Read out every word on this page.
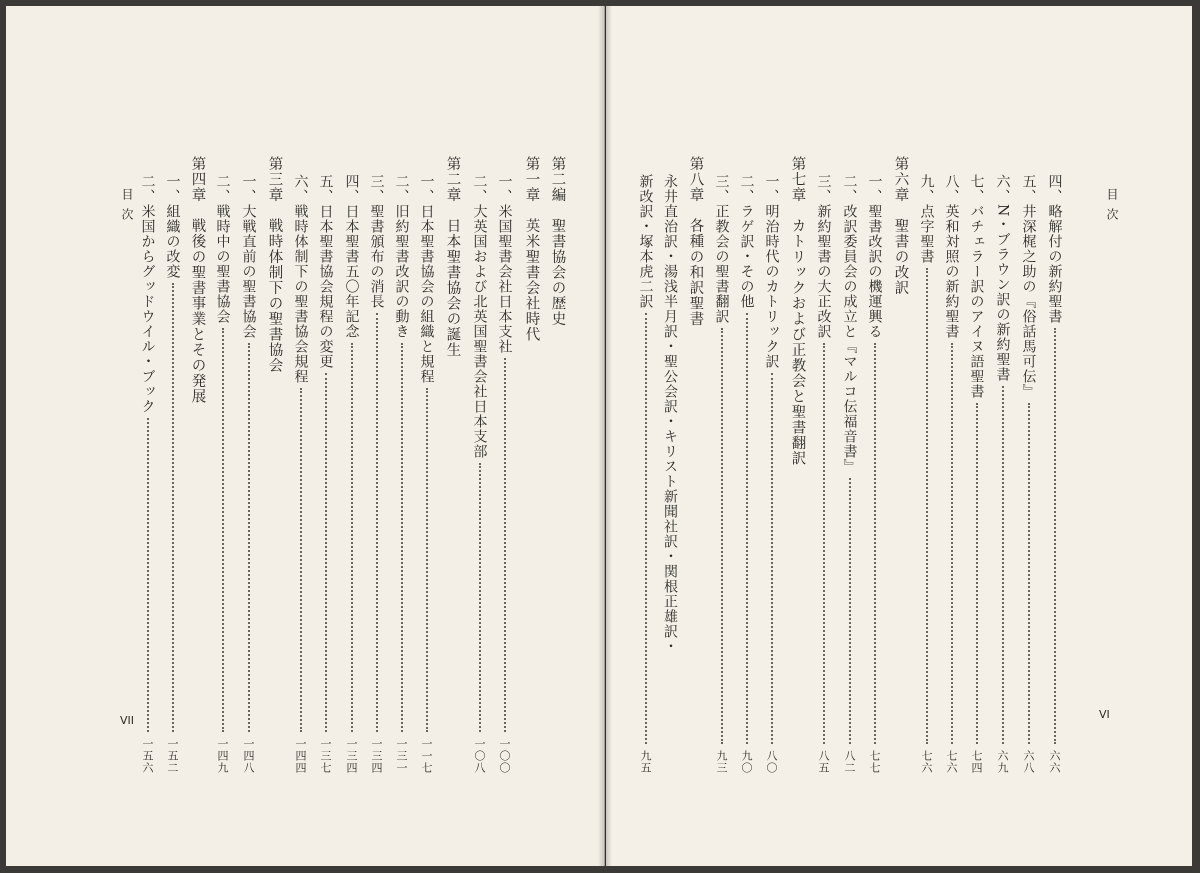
目次	第二編　聖書協会の歴史
第一章　英米聖書会社時代
一、米国聖書会社日本支社
一〇〇
二、大英国および北英国聖書会社日本支部
一〇八
第二章　日本聖書協会の誕生
一、日本聖書協会の組織と規程
一一七
二、旧約聖書改訳の動き
一三一
三、聖書頒布の消長
一三四
四、日本聖書五〇年記念
一三四
五、日本聖書協会規程の変更
一三七
六、戦時体制下の聖書協会規程
一四四
第三章　戦時体制下の聖書協会
一、大戦直前の聖書協会
一四八
二、戦時中の聖書協会
一四九
第四章　戦後の聖書事業とその発展
一、組織の改変
一五二
二、米国からグッドウイル・ブック
一五六
VII
目次
四、略解付の新約聖書
六六
五、井深梶之助の『俗話馬可伝』
六八
六、N・ブラウン訳の新約聖書
六九
七、バチェラー訳のアイヌ語聖書
七四
八、英和対照の新約聖書
七六
九、点字聖書
七六
第六章　聖書の改訳
一、聖書改訳の機運興る
七七
二、改訳委員会の成立と『マルコ伝福音書』
八二
三、新約聖書の大正改訳
八五
第七章　カトリックおよび正教会と聖書翻訳
一、明治時代のカトリック訳
八〇
二、ラゲ訳・その他
九〇
三、正教会の聖書翻訳
九三
第八章　各種の和訳聖書
永井直治訳・湯浅半月訳・聖公会訳・キリスト新聞社訳・関根正雄訳・
新改訳・塚本虎二訳
九五
VI
